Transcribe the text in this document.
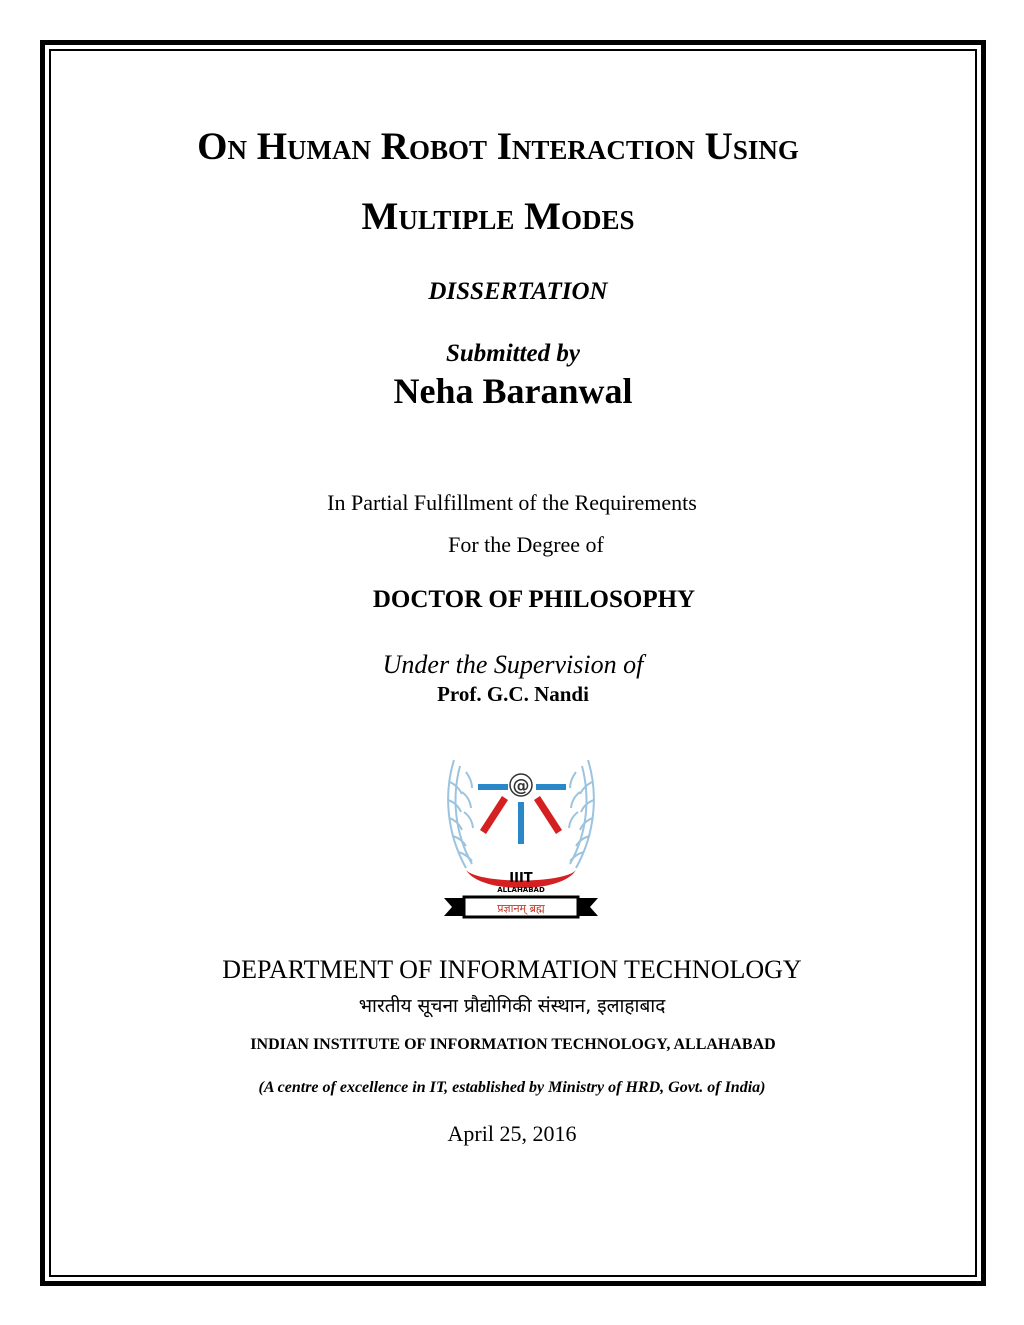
On Human Robot Interaction Using
Multiple Modes
DISSERTATION
Submitted by
Neha Baranwal
In Partial Fulfillment of the Requirements
For the Degree of
DOCTOR OF PHILOSOPHY
Under the Supervision of
Prof. G.C. Nandi
@
IIIT
ALLAHABAD
प्रज्ञानम् ब्रह्म
DEPARTMENT OF INFORMATION TECHNOLOGY
भारतीय सूचना प्रौद्योगिकी संस्थान, इलाहाबाद
INDIAN INSTITUTE OF INFORMATION TECHNOLOGY, ALLAHABAD
(A centre of excellence in IT, established by Ministry of HRD, Govt. of India)
April 25, 2016
